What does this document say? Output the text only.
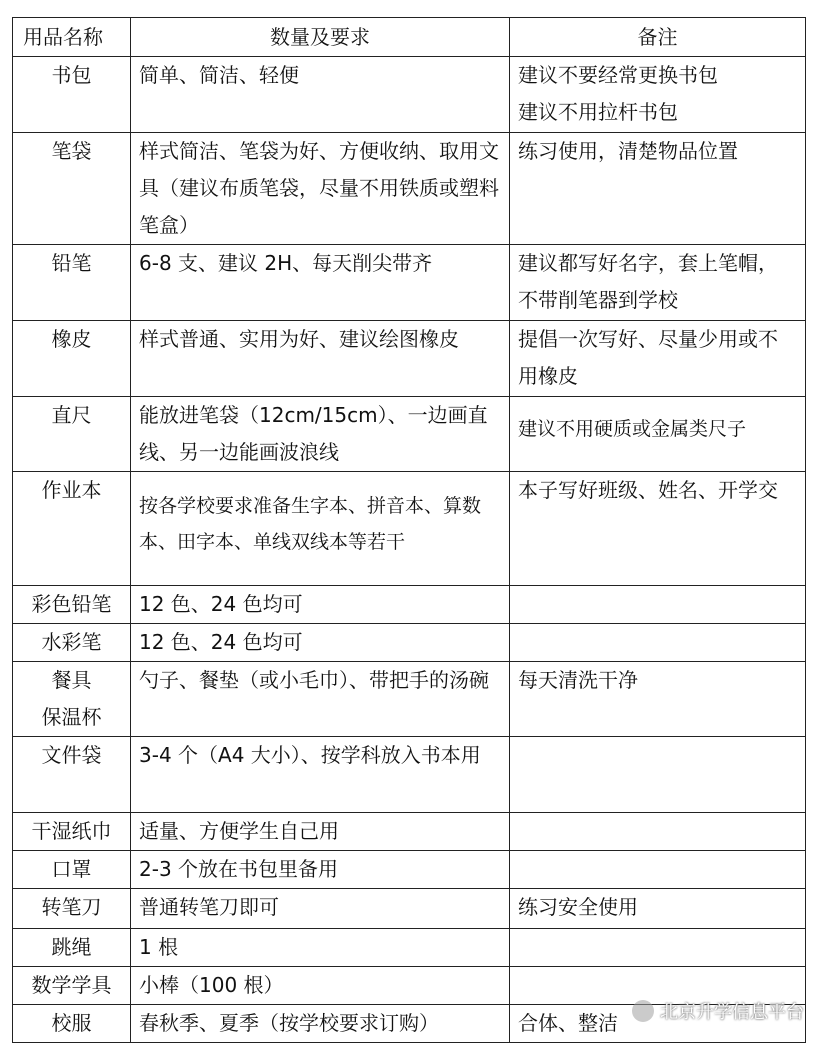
用品名称	数量及要求	备注
书包	简单、简洁、轻便	建议不要经常更换书包
建议不用拉杆书包

笔袋	样式简洁、笔袋为好、方便收纳、取用文具（建议布质笔袋，尽量不用铁质或塑料笔盒）	练习使用，清楚物品位置

铅笔	6-8 支、建议 2H、每天削尖带齐	建议都写好名字，套上笔帽，不带削笔器到学校

橡皮	样式普通、实用为好、建议绘图橡皮	提倡一次写好、尽量少用或不用橡皮

直尺	能放进笔袋（12cm/15cm）、一边画直线、另一边能画波浪线	建议不用硬质或金属类尺子

作业本	按各学校要求准备生字本、拼音本、算数本、田字本、单线双线本等若干	本子写好班级、姓名、开学交

彩色铅笔	12 色、24 色均可	

水彩笔	12 色、24 色均可	

餐具
保温杯	勺子、餐垫（或小毛巾）、带把手的汤碗	每天清洗干净

文件袋	3-4 个（A4 大小）、按学科放入书本用	

干湿纸巾	适量、方便学生自己用	

口罩	2-3 个放在书包里备用	

转笔刀	普通转笔刀即可	练习安全使用

跳绳	1 根	

数学学具	小棒（100 根）	

校服	春秋季、夏季（按学校要求订购）	合体、整洁	北京升学信息平台
